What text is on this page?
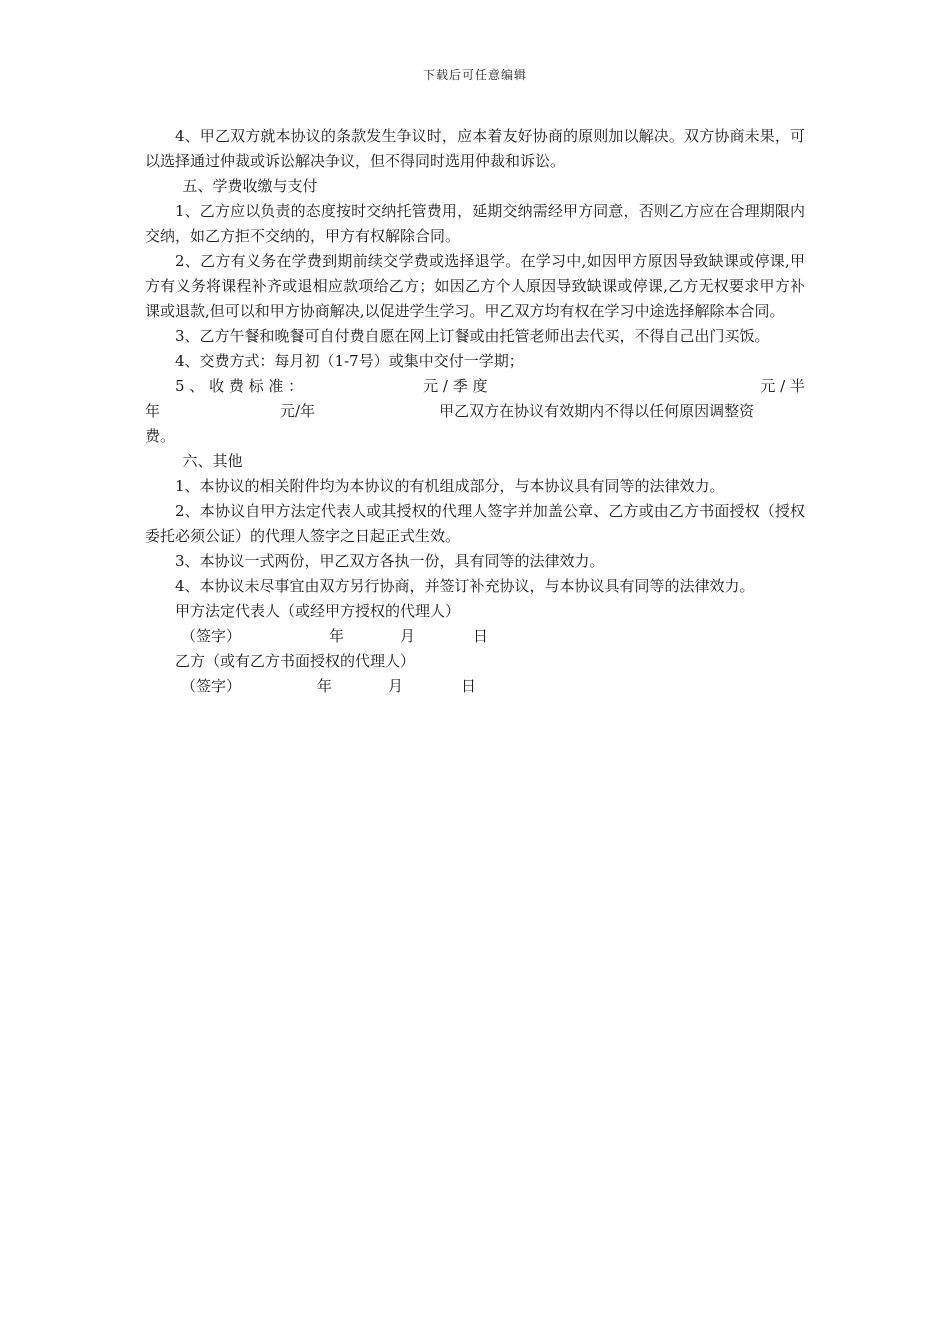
下载后可任意编辑

4、甲乙双方就本协议的条款发生争议时，应本着友好协商的原则加以解决。双方协商未果，可以选择通过仲裁或诉讼解决争议，但不得同时选用仲裁和诉讼。

五、学费收缴与支付

1、乙方应以负责的态度按时交纳托管费用，延期交纳需经甲方同意，否则乙方应在合理期限内交纳，如乙方拒不交纳的，甲方有权解除合同。

2、乙方有义务在学费到期前续交学费或选择退学。在学习中,如因甲方原因导致缺课或停课,甲方有义务将课程补齐或退相应款项给乙方；如因乙方个人原因导致缺课或停课,乙方无权要求甲方补课或退款,但可以和甲方协商解决,以促进学生学习。甲乙双方均有权在学习中途选择解除本合同。

3、乙方午餐和晚餐可自付费自愿在网上订餐或由托管老师出去代买，不得自己出门买饭。

4、交费方式：每月初（1-7号）或集中交付一学期；

5 、 收 费 标 准 ：	元 / 季 度	元 / 半
年	元/年	甲乙双方在协议有效期内不得以任何原因调整资

费。

六、其他

1、本协议的相关附件均为本协议的有机组成部分，与本协议具有同等的法律效力。

2、本协议自甲方法定代表人或其授权的代理人签字并加盖公章、乙方或由乙方书面授权（授权委托必须公证）的代理人签字之日起正式生效。

3、本协议一式两份，甲乙双方各执一份，具有同等的法律效力。

4、本协议未尽事宜由双方另行协商，并签订补充协议，与本协议具有同等的法律效力。

甲方法定代表人（或经甲方授权的代理人）

（签字）	年	月	日

乙方（或有乙方书面授权的代理人）

（签字）	年	月	日
